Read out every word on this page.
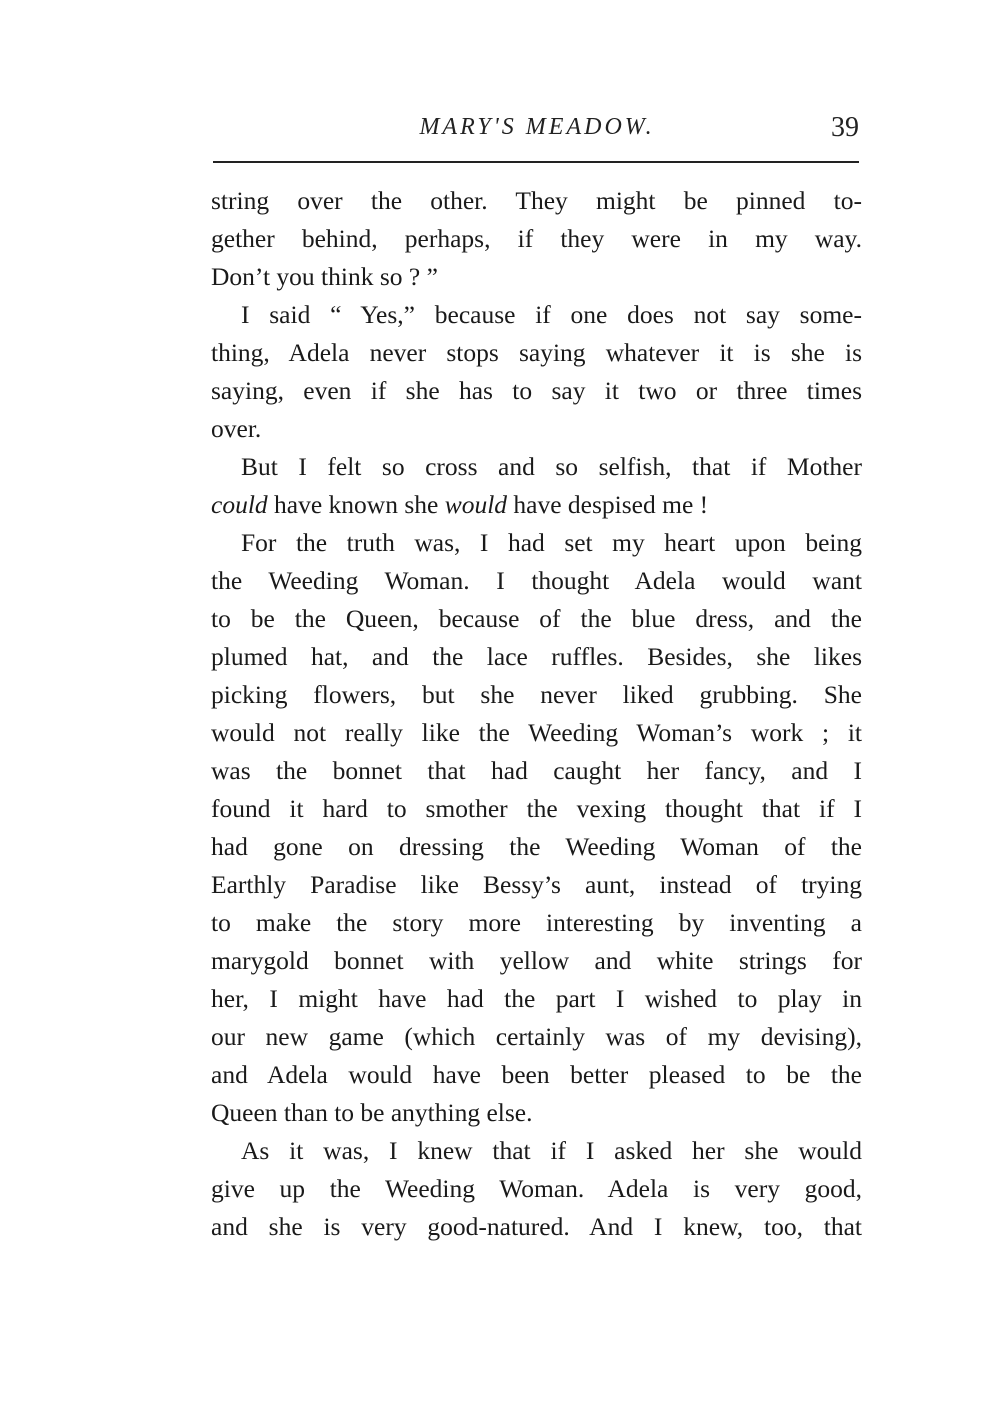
MARY'S MEADOW.	39
string over the other. They might be pinned to-
gether behind, perhaps, if they were in my way.
Don’t you think so ? ”
I said “ Yes,” because if one does not say some-
thing, Adela never stops saying whatever it is she is
saying, even if she has to say it two or three times
over.
But I felt so cross and so selfish, that if Mother
could have known she would have despised me !
For the truth was, I had set my heart upon being
the Weeding Woman. I thought Adela would want
to be the Queen, because of the blue dress, and the
plumed hat, and the lace ruffles. Besides, she likes
picking flowers, but she never liked grubbing. She
would not really like the Weeding Woman’s work ; it
was the bonnet that had caught her fancy, and I
found it hard to smother the vexing thought that if I
had gone on dressing the Weeding Woman of the
Earthly Paradise like Bessy’s aunt, instead of trying
to make the story more interesting by inventing a
marygold bonnet with yellow and white strings for
her, I might have had the part I wished to play in
our new game (which certainly was of my devising),
and Adela would have been better pleased to be the
Queen than to be anything else.
As it was, I knew that if I asked her she would
give up the Weeding Woman. Adela is very good,
and she is very good-natured. And I knew, too, that
